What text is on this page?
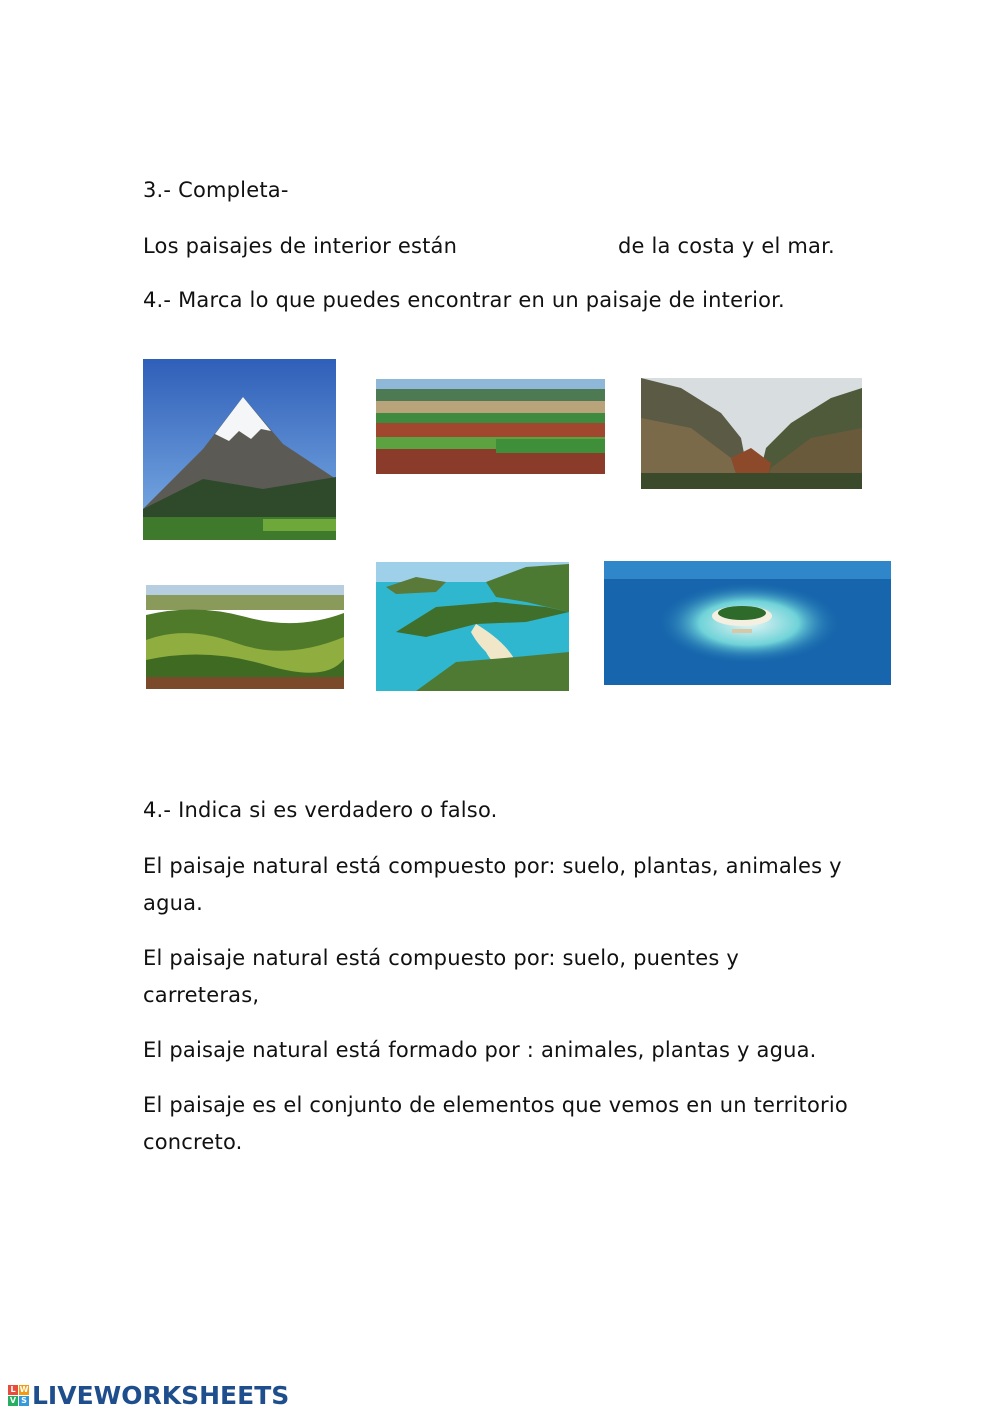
3.- Completa-
Los paisajes de interior están	de la costa y el mar.
4.- Marca lo que puedes encontrar en un paisaje de interior.
4.- Indica si es verdadero o falso.
El paisaje natural está compuesto por: suelo, plantas, animales y
agua.
El paisaje natural está compuesto por: suelo, puentes y
carreteras,
El paisaje natural está formado por : animales, plantas y agua.
El paisaje es el conjunto de elementos que vemos en un territorio
concreto.
L W
V S LIVEWORKSHEETS
